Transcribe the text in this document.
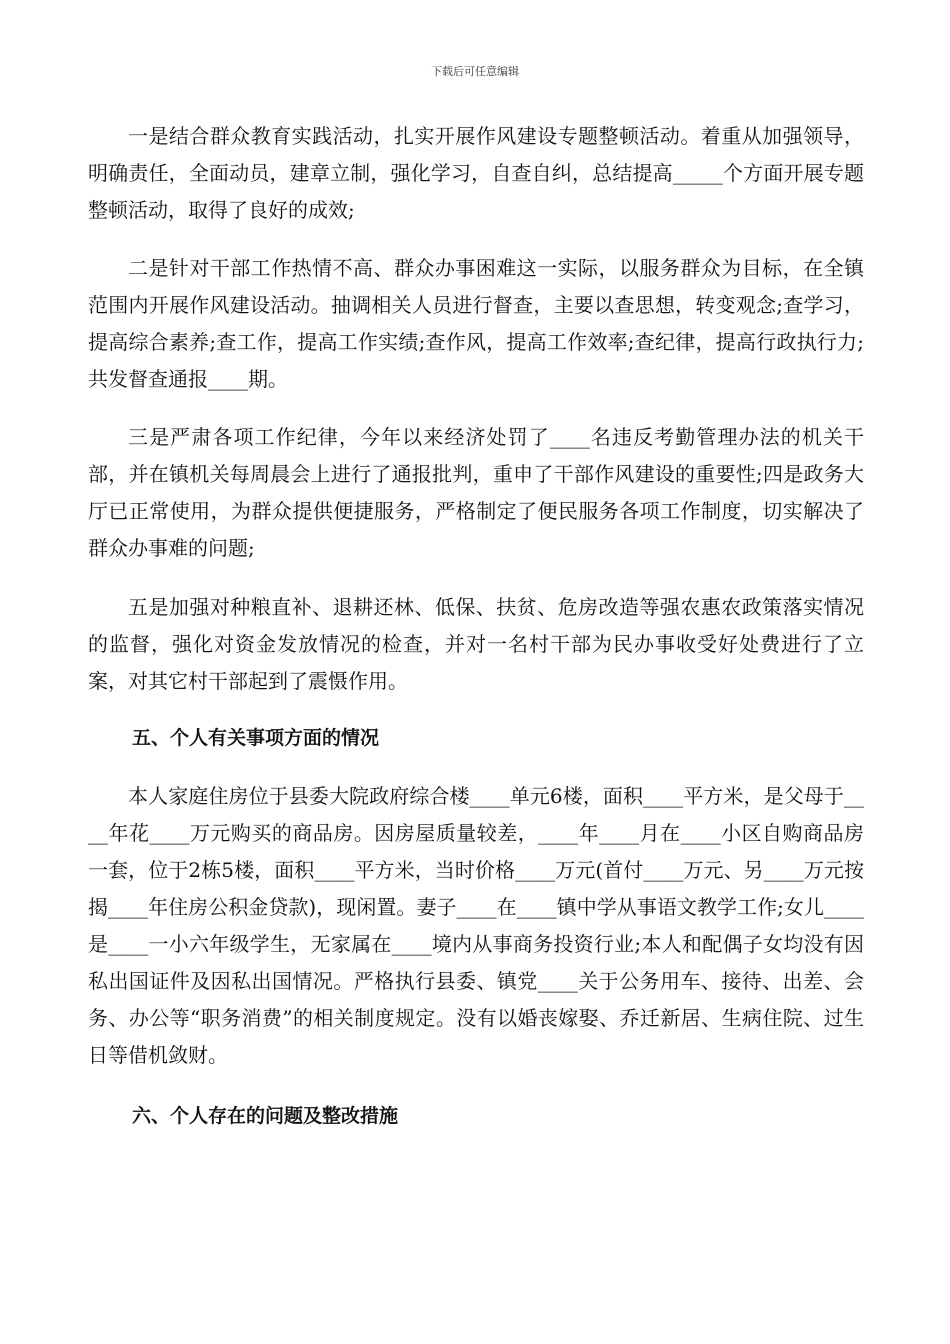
下载后可任意编辑

一是结合群众教育实践活动，扎实开展作风建设专题整顿活动。着重从加强领导，明确责任，全面动员，建章立制，强化学习，自查自纠，总结提高_____个方面开展专题整顿活动，取得了良好的成效;

二是针对干部工作热情不高、群众办事困难这一实际，以服务群众为目标，在全镇范围内开展作风建设活动。抽调相关人员进行督查，主要以查思想，转变观念;查学习，提高综合素养;查工作，提高工作实绩;查作风，提高工作效率;查纪律，提高行政执行力;共发督查通报____期。

三是严肃各项工作纪律，今年以来经济处罚了____名违反考勤管理办法的机关干部，并在镇机关每周晨会上进行了通报批判，重申了干部作风建设的重要性;四是政务大厅已正常使用，为群众提供便捷服务，严格制定了便民服务各项工作制度，切实解决了群众办事难的问题;

五是加强对种粮直补、退耕还林、低保、扶贫、危房改造等强农惠农政策落实情况的监督，强化对资金发放情况的检查，并对一名村干部为民办事收受好处费进行了立案，对其它村干部起到了震慑作用。

五、个人有关事项方面的情况

本人家庭住房位于县委大院政府综合楼____单元6楼，面积____平方米，是父母于____年花____万元购买的商品房。因房屋质量较差，____年____月在____小区自购商品房一套，位于2栋5楼，面积____平方米，当时价格____万元(首付____万元、另____万元按揭____年住房公积金贷款)，现闲置。妻子____在____镇中学从事语文教学工作;女儿____是____一小六年级学生，无家属在____境内从事商务投资行业;本人和配偶子女均没有因私出国证件及因私出国情况。严格执行县委、镇党____关于公务用车、接待、出差、会务、办公等“职务消费”的相关制度规定。没有以婚丧嫁娶、乔迁新居、生病住院、过生日等借机敛财。

六、个人存在的问题及整改措施
